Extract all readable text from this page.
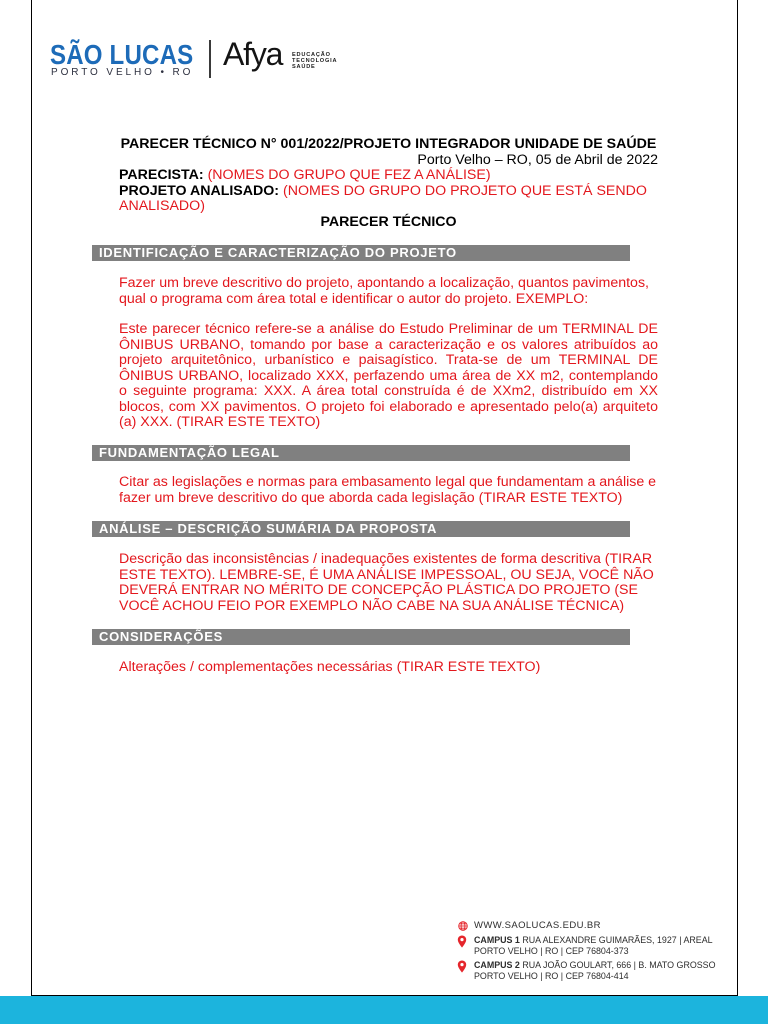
SÃO LUCAS
PORTO VELHO • RO
Afya EDUCAÇÃO
TECNOLOGIA
SAÚDE
PARECER TÉCNICO N° 001/2022/PROJETO INTEGRADOR UNIDADE DE SAÚDE
Porto Velho – RO, 05 de Abril de 2022
PARECISTA: (NOMES DO GRUPO QUE FEZ A ANÁLISE)
PROJETO ANALISADO: (NOMES DO GRUPO DO PROJETO QUE ESTÁ SENDO ANALISADO)
PARECER TÉCNICO
IDENTIFICAÇÃO E CARACTERIZAÇÃO DO PROJETO
Fazer um breve descritivo do projeto, apontando a localização, quantos pavimentos,
qual o programa com área total e identificar o autor do projeto. EXEMPLO:
Este parecer técnico refere-se a análise do Estudo Preliminar de um TERMINAL DE
ÔNIBUS URBANO, tomando por base a caracterização e os valores atribuídos ao
projeto arquitetônico, urbanístico e paisagístico. Trata-se de um TERMINAL DE
ÔNIBUS URBANO, localizado XXX, perfazendo uma área de XX m2, contemplando
o seguinte programa: XXX. A área total construída é de XXm2, distribuído em XX
blocos, com XX pavimentos. O projeto foi elaborado e apresentado pelo(a) arquiteto
(a) XXX. (TIRAR ESTE TEXTO)
FUNDAMENTAÇÃO LEGAL
Citar as legislações e normas para embasamento legal que fundamentam a análise e
fazer um breve descritivo do que aborda cada legislação (TIRAR ESTE TEXTO)
ANÁLISE – DESCRIÇÃO SUMÁRIA DA PROPOSTA
Descrição das inconsistências / inadequações existentes de forma descritiva (TIRAR
ESTE TEXTO). LEMBRE-SE, É UMA ANÁLISE IMPESSOAL, OU SEJA, VOCÊ NÃO
DEVERÁ ENTRAR NO MÉRITO DE CONCEPÇÃO PLÁSTICA DO PROJETO (SE
VOCÊ ACHOU FEIO POR EXEMPLO NÃO CABE NA SUA ANÁLISE TÉCNICA)
CONSIDERAÇÕES
Alterações / complementações necessárias (TIRAR ESTE TEXTO)
WWW.SAOLUCAS.EDU.BR
CAMPUS 1 RUA ALEXANDRE GUIMARÃES, 1927 | AREAL
PORTO VELHO | RO | CEP 76804-373
CAMPUS 2 RUA JOÃO GOULART, 666 | B. MATO GROSSO
PORTO VELHO | RO | CEP 76804-414
